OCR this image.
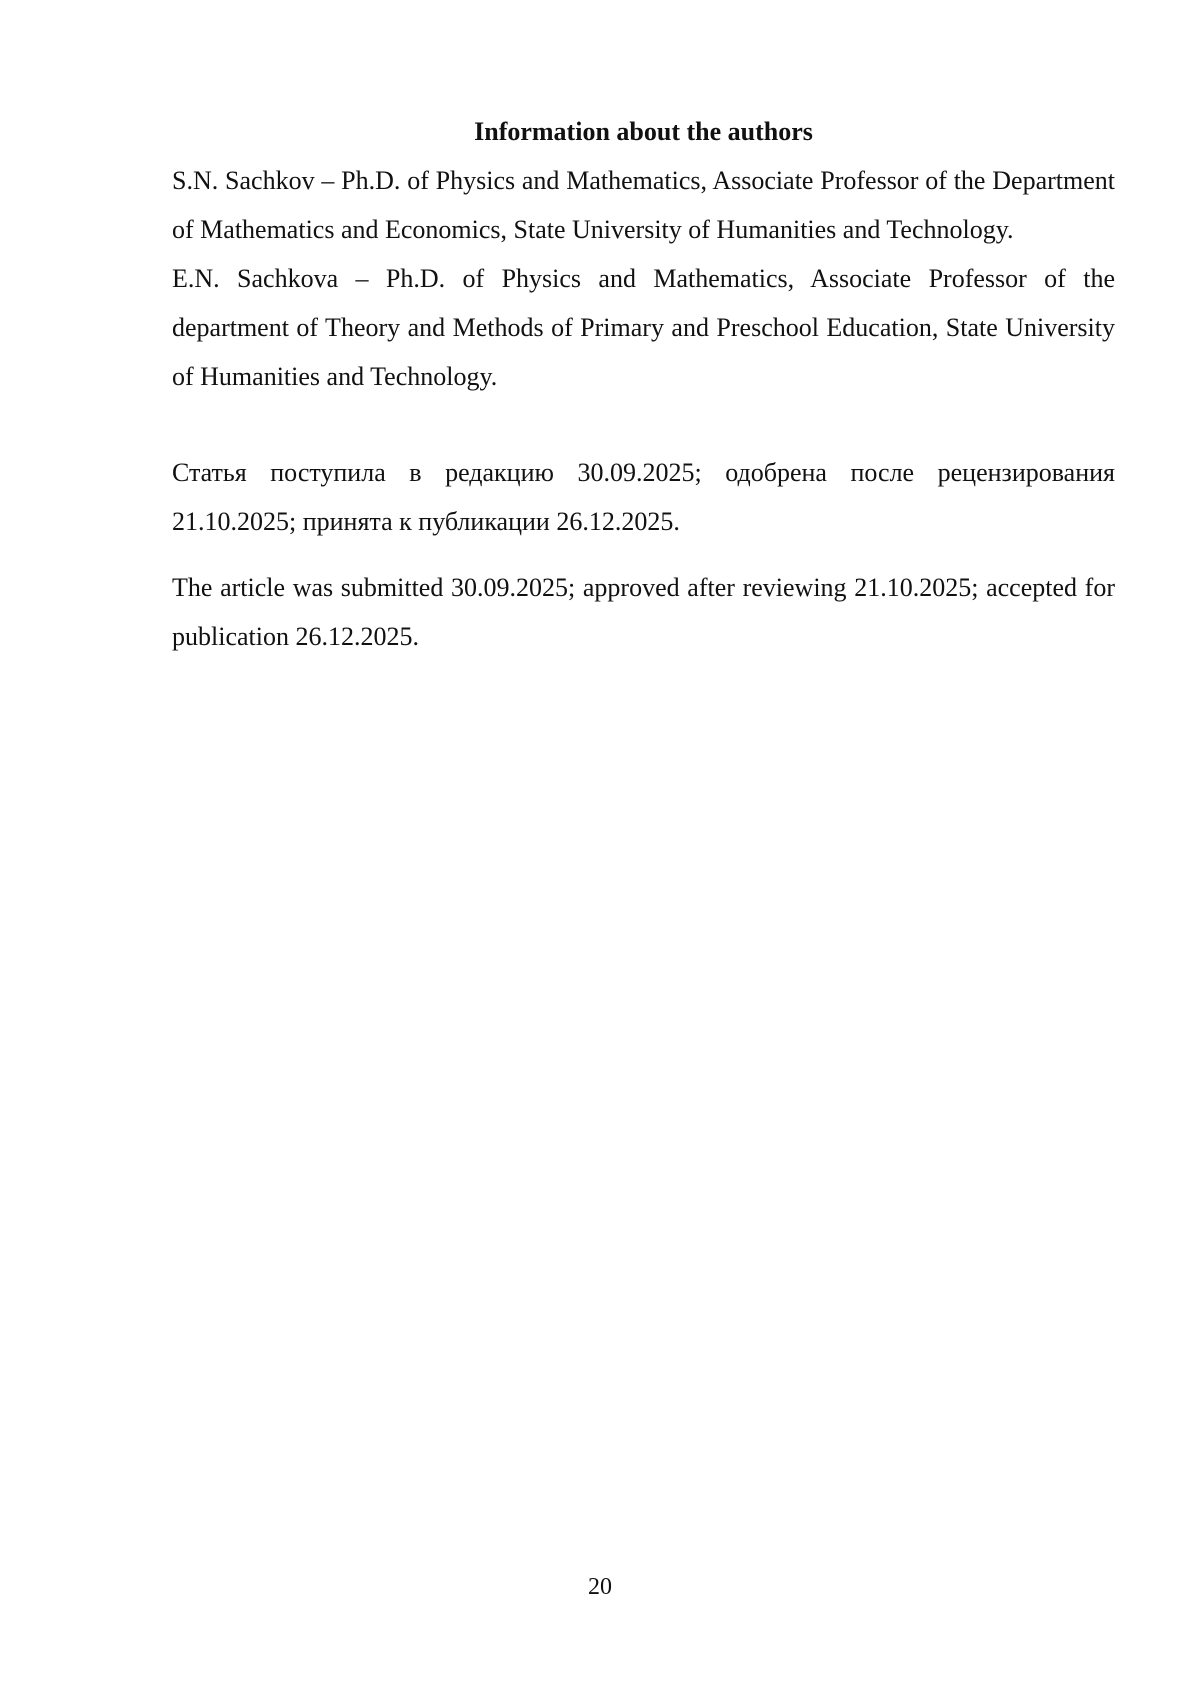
Information about the authors

S.N. Sachkov – Ph.D. of Physics and Mathematics, Associate Professor of the Department of Mathematics and Economics, State University of Humanities and Technology.

E.N. Sachkova – Ph.D. of Physics and Mathematics, Associate Professor of the department of Theory and Methods of Primary and Preschool Education, State University of Humanities and Technology.

Статья поступила в редакцию 30.09.2025; одобрена после рецензирования 21.10.2025; принята к публикации 26.12.2025.

The article was submitted 30.09.2025; approved after reviewing 21.10.2025; accepted for publication 26.12.2025.

20
